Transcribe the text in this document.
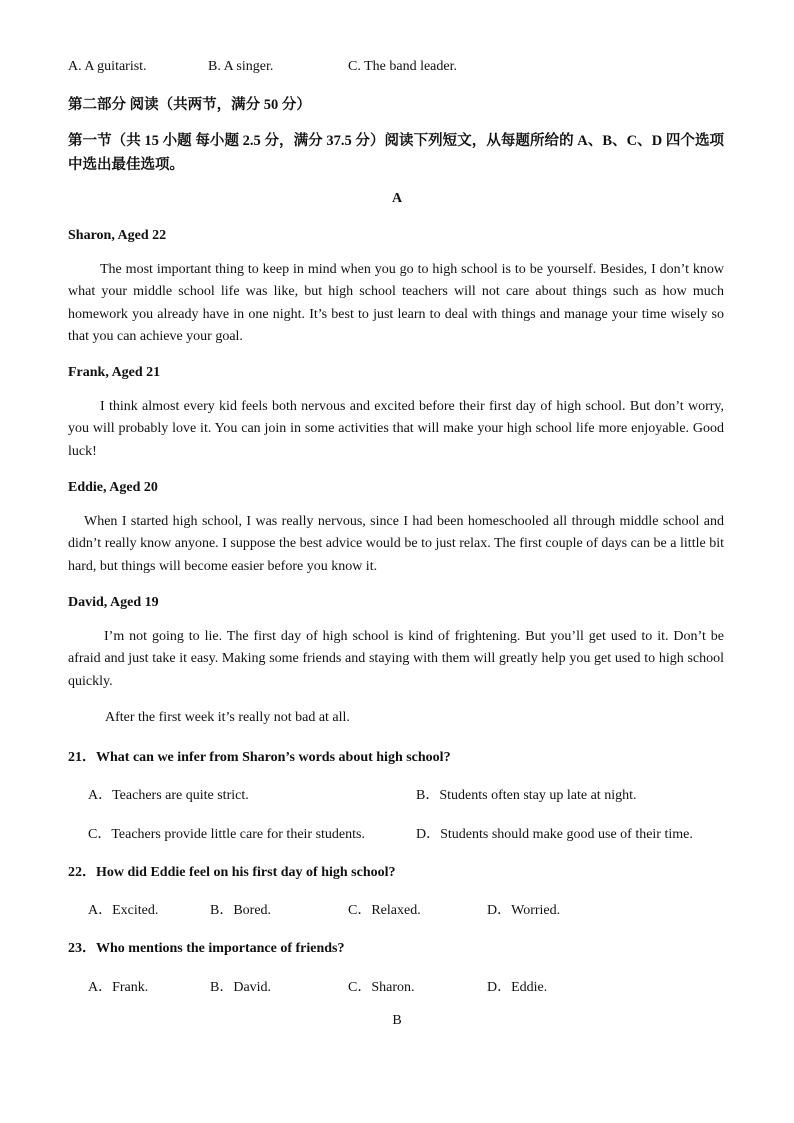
A. A guitarist.	B. A singer.	C. The band leader.
第二部分 阅读（共两节，满分 50 分）
第一节（共 15 小题 每小题 2.5 分，满分 37.5 分）阅读下列短文，从每题所给的 A、B、C、D 四个选项中选出最佳选项。
A
Sharon, Aged 22
The most important thing to keep in mind when you go to high school is to be yourself. Besides, I don’t know what your middle school life was like, but high school teachers will not care about things such as how much homework you already have in one night. It’s best to just learn to deal with things and manage your time wisely so that you can achieve your goal.
Frank, Aged 21
I think almost every kid feels both nervous and excited before their first day of high school. But don’t worry, you will probably love it. You can join in some activities that will make your high school life more enjoyable. Good luck!
Eddie, Aged 20
When I started high school, I was really nervous, since I had been homeschooled all through middle school and didn’t really know anyone. I suppose the best advice would be to just relax. The first couple of days can be a little bit hard, but things will become easier before you know it.
David, Aged 19
I’m not going to lie. The first day of high school is kind of frightening. But you’ll get used to it. Don’t be afraid and just take it easy. Making some friends and staying with them will greatly help you get used to high school quickly.
After the first week it’s really not bad at all.
21．What can we infer from Sharon’s words about high school?
A．Teachers are quite strict.	B．Students often stay up late at night.
C．Teachers provide little care for their students.	D．Students should make good use of their time.
22．How did Eddie feel on his first day of high school?
A．Excited.	B．Bored.	C．Relaxed.	D．Worried.
23．Who mentions the importance of friends?
A．Frank.	B．David.	C．Sharon.	D．Eddie.
B
